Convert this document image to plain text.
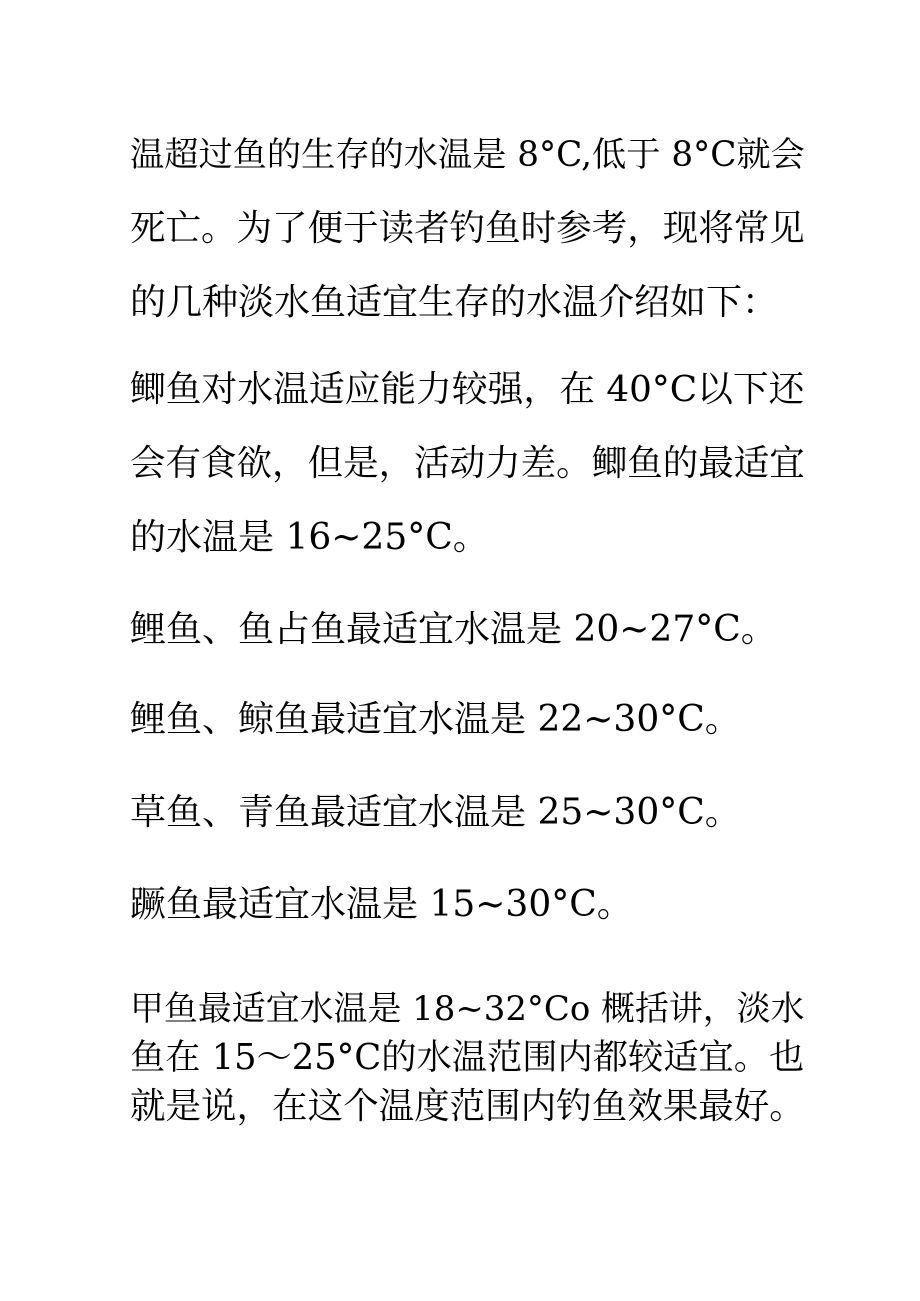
温超过鱼的生存的水温是 8°C,低于 8°C就会

死亡。为了便于读者钓鱼时参考，现将常见

的几种淡水鱼适宜生存的水温介绍如下：

鲫鱼对水温适应能力较强，在 40°C以下还

会有食欲，但是，活动力差。鲫鱼的最适宜

的水温是 16~25°C。

鲤鱼、鱼占鱼最适宜水温是 20~27°C。

鲤鱼、鲸鱼最适宜水温是 22~30°C。

草鱼、青鱼最适宜水温是 25~30°C。

蹶鱼最适宜水温是 15~30°C。

甲鱼最适宜水温是 18~32°Co 概括讲，淡水

鱼在 15～25°C的水温范围内都较适宜。也

就是说，在这个温度范围内钓鱼效果最好。
